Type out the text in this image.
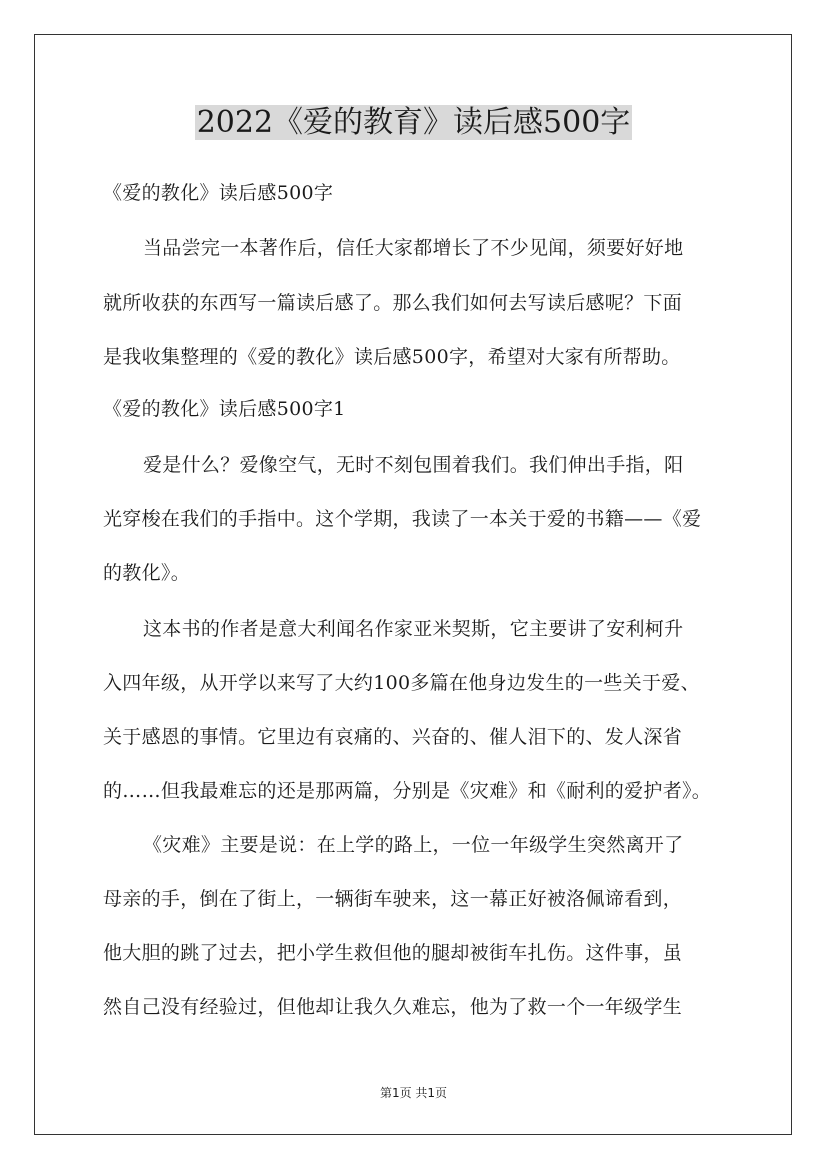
2022《爱的教育》读后感500字
《爱的教化》读后感500字
当品尝完一本著作后，信任大家都增长了不少见闻，须要好好地
就所收获的东西写一篇读后感了。那么我们如何去写读后感呢？下面
是我收集整理的《爱的教化》读后感500字，希望对大家有所帮助。
《爱的教化》读后感500字1
爱是什么？爱像空气，无时不刻包围着我们。我们伸出手指，阳
光穿梭在我们的手指中。这个学期，我读了一本关于爱的书籍——《爱
的教化》。
这本书的作者是意大利闻名作家亚米契斯，它主要讲了安利柯升
入四年级，从开学以来写了大约100多篇在他身边发生的一些关于爱、
关于感恩的事情。它里边有哀痛的、兴奋的、催人泪下的、发人深省
的……但我最难忘的还是那两篇，分别是《灾难》和《耐利的爱护者》。
《灾难》主要是说：在上学的路上，一位一年级学生突然离开了
母亲的手，倒在了街上，一辆街车驶来，这一幕正好被洛佩谛看到，
他大胆的跳了过去，把小学生救但他的腿却被街车扎伤。这件事，虽
然自己没有经验过，但他却让我久久难忘，他为了救一个一年级学生
第1页 共1页
